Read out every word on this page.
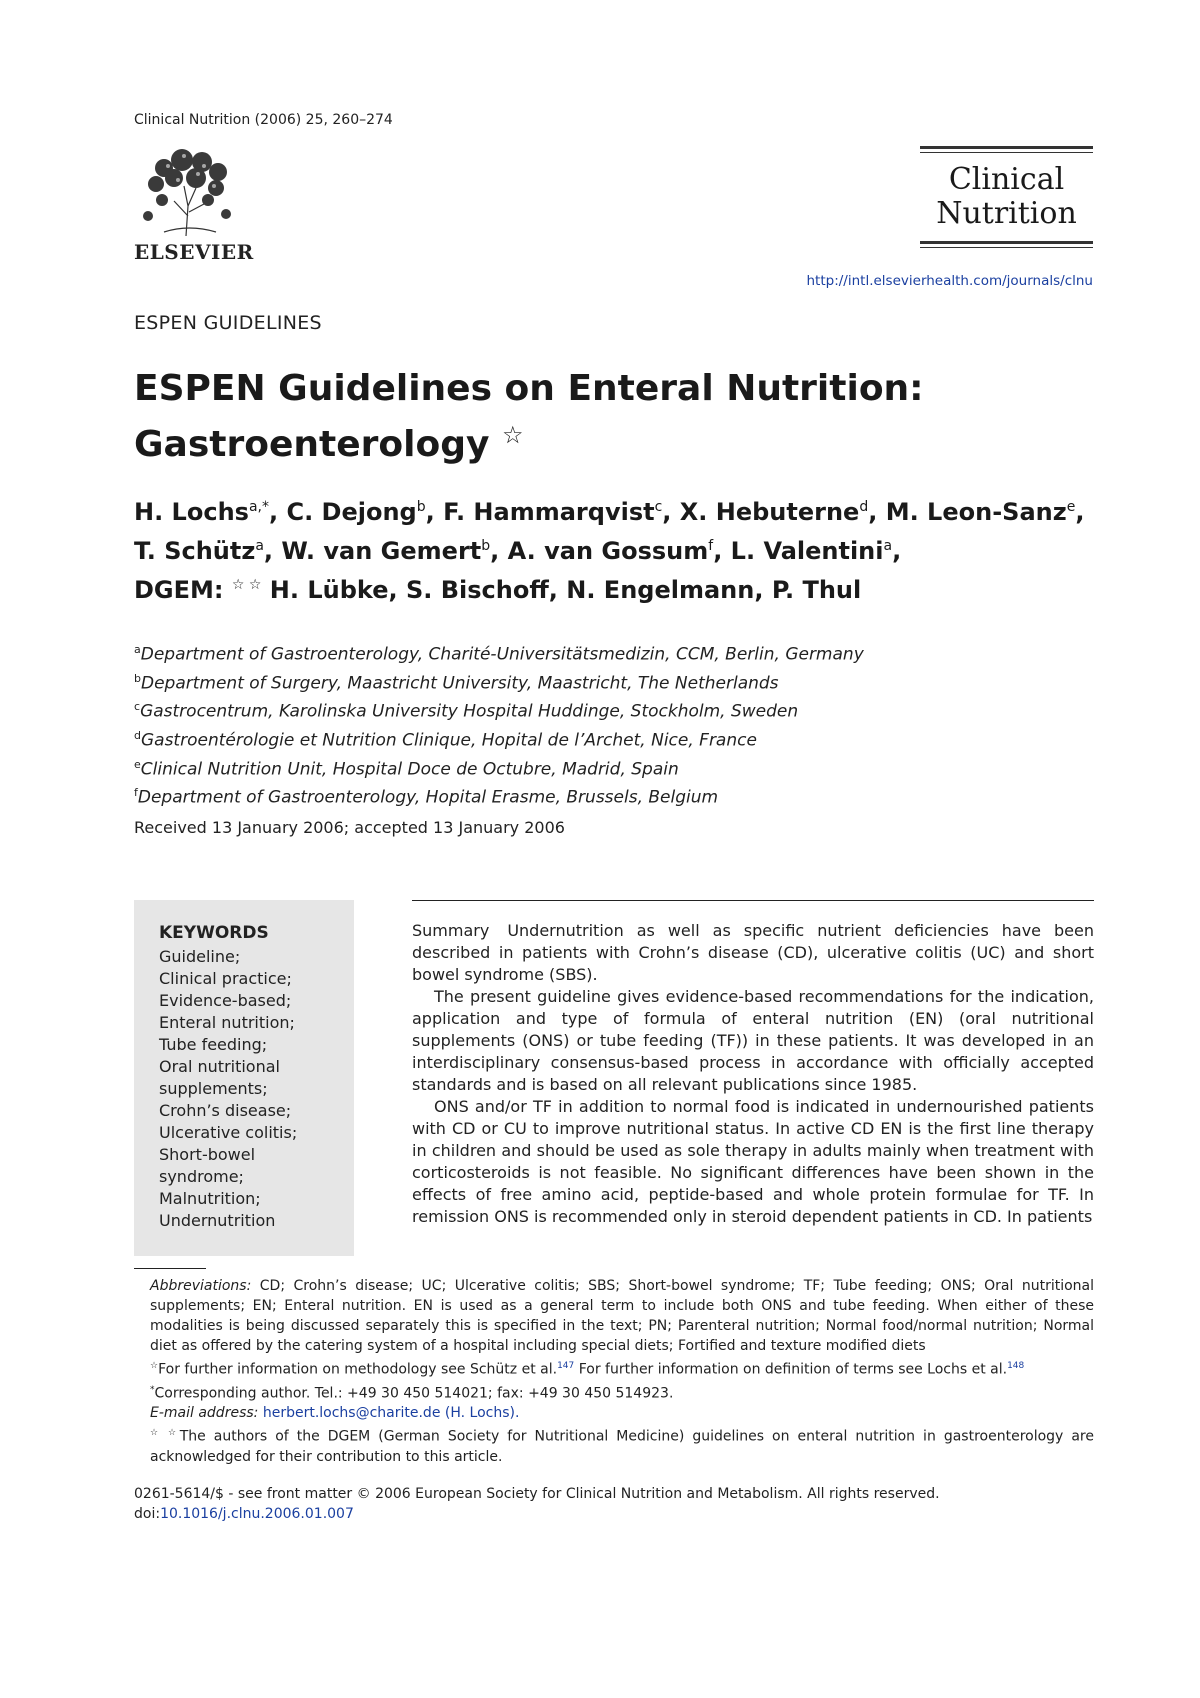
Clinical Nutrition (2006) 25, 260–274
ELSEVIER
Clinical
Nutrition
http://intl.elsevierhealth.com/journals/clnu
ESPEN GUIDELINES
ESPEN Guidelines on Enteral Nutrition:
Gastroenterology ☆
H. Lochs$^{a,*}$, C. Dejong$^b$, F. Hammarqvist$^c$, X. Hebuterne$^d$, M. Leon-Sanz$^e$,
T. Schütz$^a$, W. van Gemert$^b$, A. van Gossum$^f$, L. Valentini$^a$,
DGEM: ☆ ☆ H. Lübke, S. Bischoff, N. Engelmann, P. Thul
$^a$Department of Gastroenterology, Charité-Universitätsmedizin, CCM, Berlin, Germany
$^b$Department of Surgery, Maastricht University, Maastricht, The Netherlands
$^c$Gastrocentrum, Karolinska University Hospital Huddinge, Stockholm, Sweden
$^d$Gastroentérologie et Nutrition Clinique, Hopital de l’Archet, Nice, France
$^e$Clinical Nutrition Unit, Hospital Doce de Octubre, Madrid, Spain
$^f$Department of Gastroenterology, Hopital Erasme, Brussels, Belgium
Received 13 January 2006; accepted 13 January 2006
KEYWORDS
Guideline;
Clinical practice;
Evidence-based;
Enteral nutrition;
Tube feeding;
Oral nutritional
supplements;
Crohn’s disease;
Ulcerative colitis;
Short-bowel
syndrome;
Malnutrition;
Undernutrition

Summary Undernutrition as well as specific nutrient deficiencies have been described in patients with Crohn’s disease (CD), ulcerative colitis (UC) and short bowel syndrome (SBS).

The present guideline gives evidence-based recommendations for the indication, application and type of formula of enteral nutrition (EN) (oral nutritional supplements (ONS) or tube feeding (TF)) in these patients. It was developed in an interdisciplinary consensus-based process in accordance with officially accepted standards and is based on all relevant publications since 1985.

ONS and/or TF in addition to normal food is indicated in undernourished patients with CD or CU to improve nutritional status. In active CD EN is the first line therapy in children and should be used as sole therapy in adults mainly when treatment with corticosteroids is not feasible. No significant differences have been shown in the effects of free amino acid, peptide-based and whole protein formulae for TF. In remission ONS is recommended only in steroid dependent patients in CD. In patients

Abbreviations: CD; Crohn’s disease; UC; Ulcerative colitis; SBS; Short-bowel syndrome; TF; Tube feeding; ONS; Oral nutritional supplements; EN; Enteral nutrition. EN is used as a general term to include both ONS and tube feeding. When either of these modalities is being discussed separately this is specified in the text; PN; Parenteral nutrition; Normal food/normal nutrition; Normal diet as offered by the catering system of a hospital including special diets; Fortified and texture modified diets

☆For further information on methodology see Schütz et al.$^{147}$ For further information on definition of terms see Lochs et al.$^{148}$

*Corresponding author. Tel.: +49 30 450 514021; fax: +49 30 450 514923.

E-mail address: herbert.lochs@charite.de (H. Lochs).

☆ ☆The authors of the DGEM (German Society for Nutritional Medicine) guidelines on enteral nutrition in gastroenterology are acknowledged for their contribution to this article.

0261-5614/$ - see front matter © 2006 European Society for Clinical Nutrition and Metabolism. All rights reserved.

doi:10.1016/j.clnu.2006.01.007
